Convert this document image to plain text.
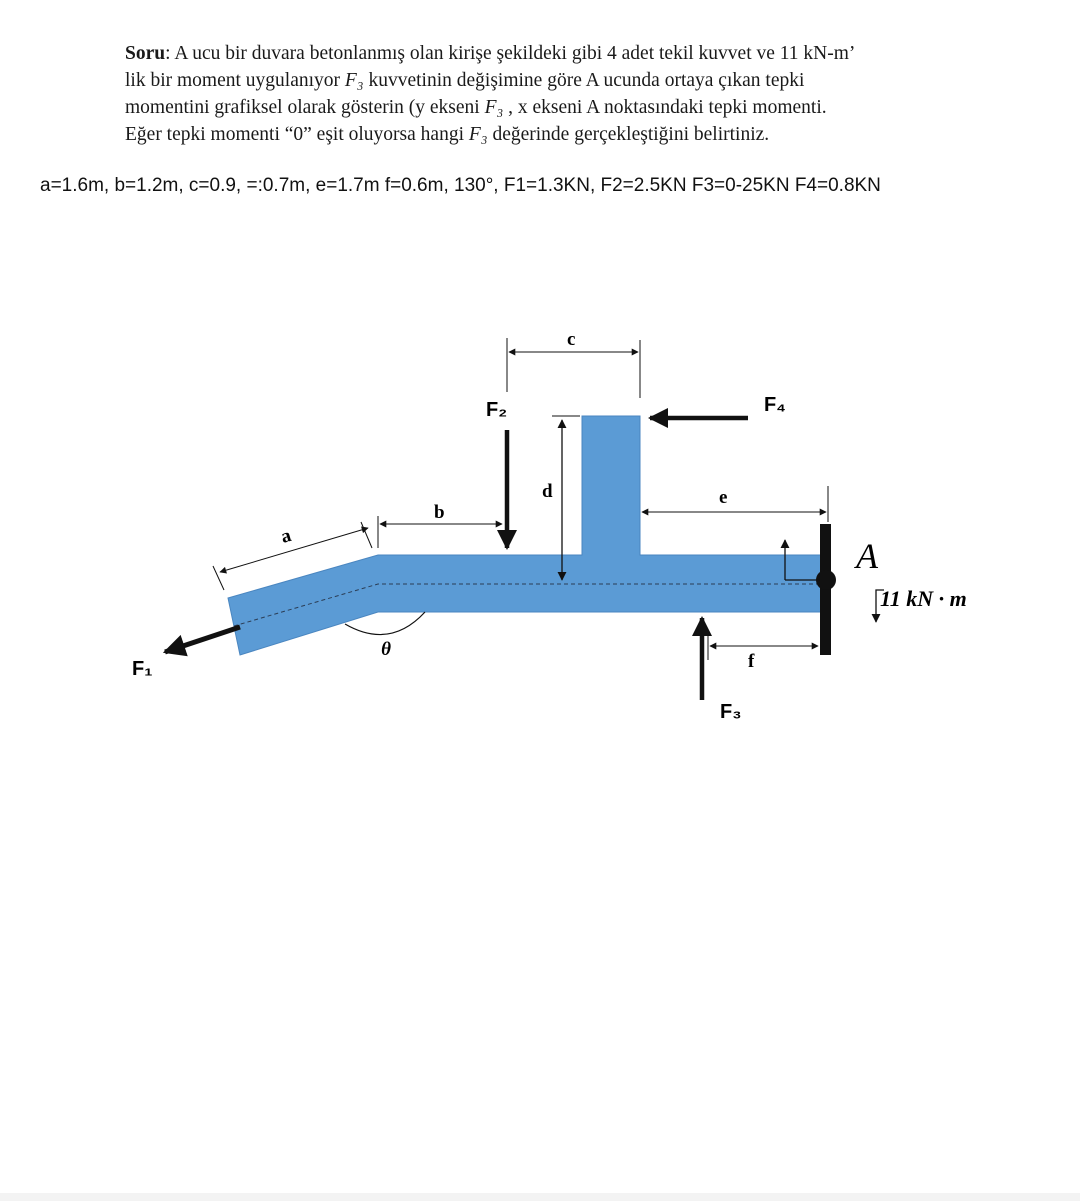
Soru: A ucu bir duvara betonlanmış olan kirişe şekildeki gibi 4 adet tekil kuvvet ve 11 kN-m’
lik bir moment uygulanıyor F₃ kuvvetinin değişimine göre A ucunda ortaya çıkan tepki
momentini grafiksel olarak gösterin (y ekseni F₃ , x ekseni A noktasındaki tepki momenti.
Eğer tepki momenti “0” eşit oluyorsa hangi F₃ değerinde gerçekleştiğini belirtiniz.
a=1.6m, b=1.2m, c=0.9, =:0.7m, e=1.7m f=0.6m, 130°, F1=1.3KN, F2=2.5KN F3=0-25KN F4=0.8KN
θ
A
11 kN · m
F₁
F₂
F₃
F₄
a
b
c
d	e
f
